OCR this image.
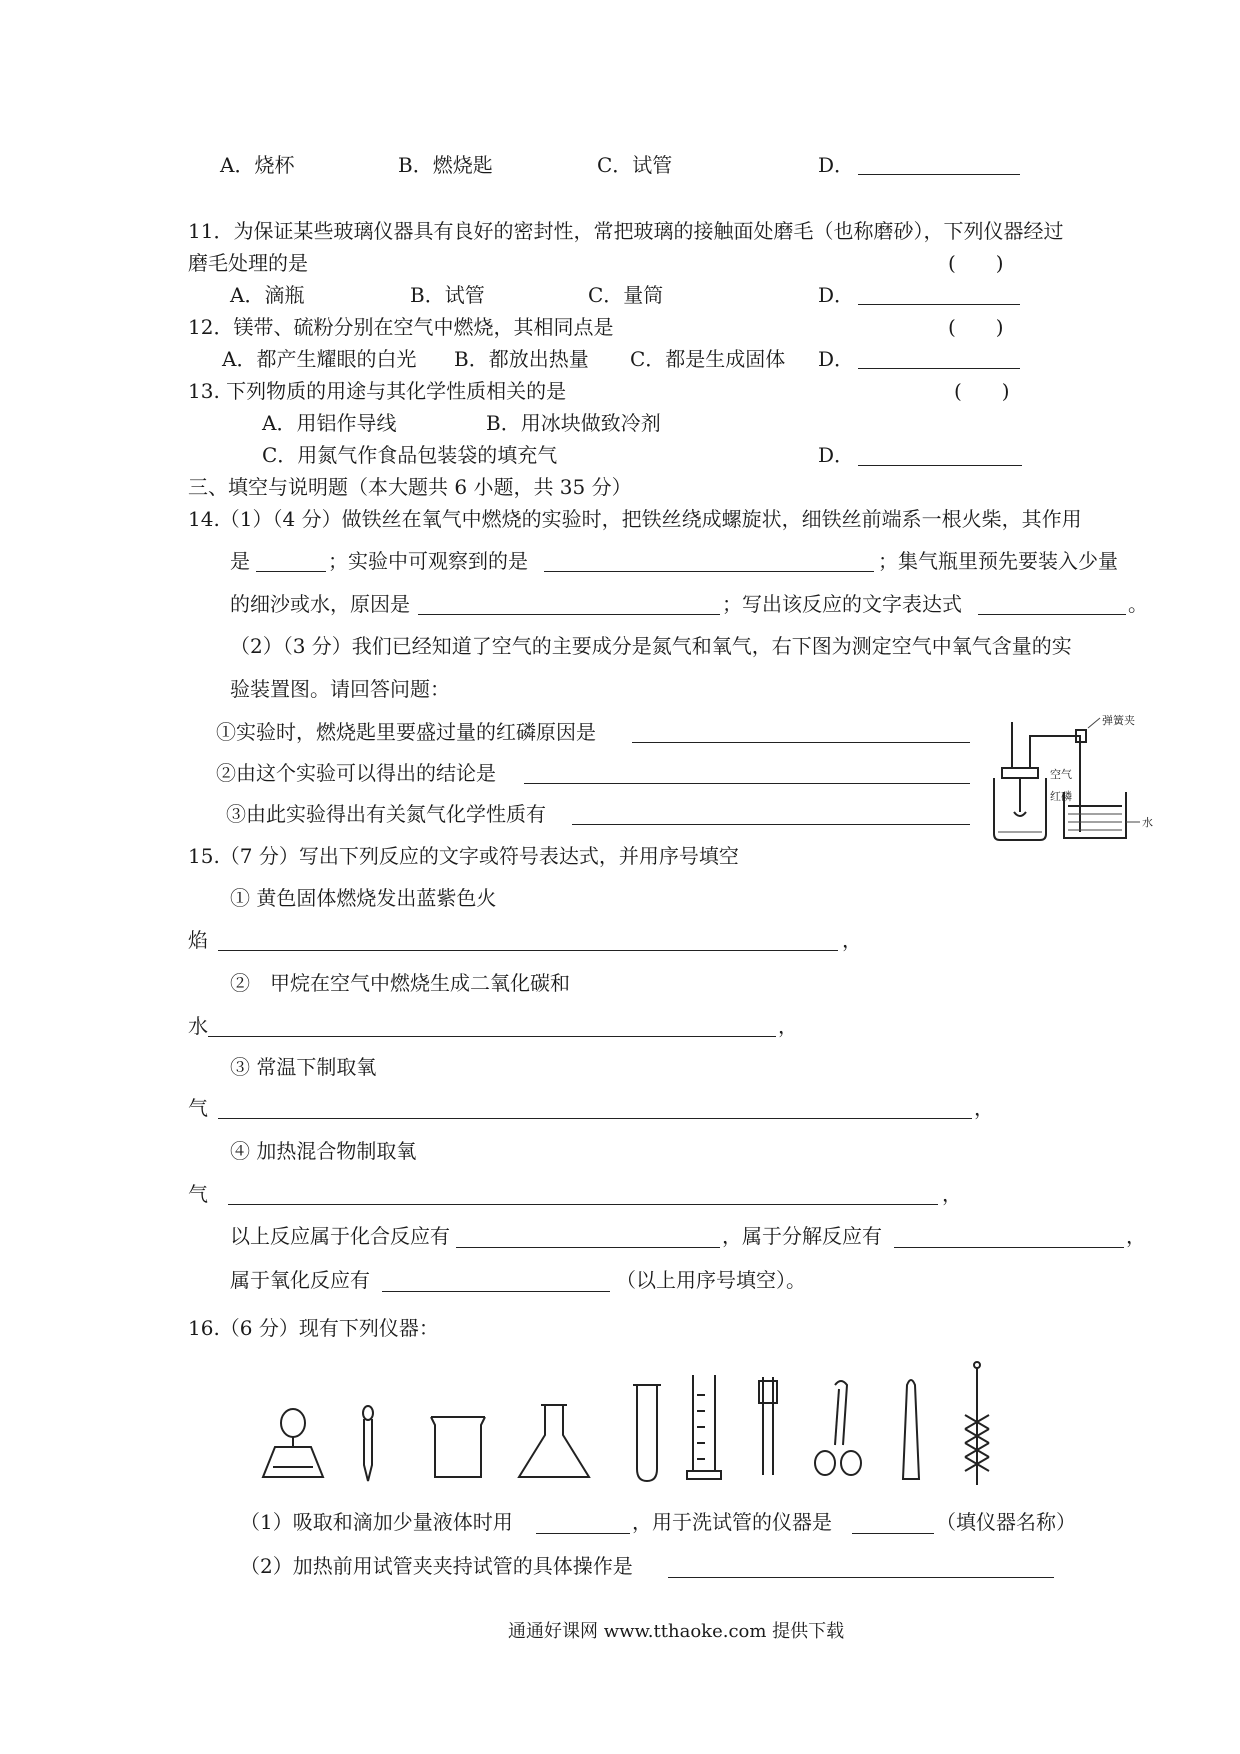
A．烧杯	B．燃烧匙	C．试管	D．
11．为保证某些玻璃仪器具有良好的密封性，常把玻璃的接触面处磨毛（也称磨砂），下列仪器经过
磨毛处理的是	(　　)
A．滴瓶	B．试管	C．量筒	D．
12．镁带、硫粉分别在空气中燃烧，其相同点是	(　　)
A．都产生耀眼的白光 B．都放出热量 C．都是生成固体 D．
13. 下列物质的用途与其化学性质相关的是	(　　)
A．用铝作导线	B．用冰块做致冷剂
C．用氮气作食品包装袋的填充气	D．
三、填空与说明题（本大题共 6 小题，共 35 分）
14.（1）（4 分）做铁丝在氧气中燃烧的实验时，把铁丝绕成螺旋状，细铁丝前端系一根火柴，其作用
是	；实验中可观察到的是	；集气瓶里预先要装入少量
的细沙或水，原因是	；写出该反应的文字表达式	。
（2）（3 分）我们已经知道了空气的主要成分是氮气和氧气，右下图为测定空气中氧气含量的实
验装置图。请回答问题：
①实验时，燃烧匙里要盛过量的红磷原因是
②由这个实验可以得出的结论是
③由此实验得出有关氮气化学性质有
弹簧夹
空气
红磷
水
15.（7 分）写出下列反应的文字或符号表达式，并用序号填空
① 黄色固体燃烧发出蓝紫色火
焰	，
②　甲烷在空气中燃烧生成二氧化碳和
水	，
③ 常温下制取氧
气	，
④ 加热混合物制取氧
气	，
以上反应属于化合反应有	，属于分解反应有	，
属于氧化反应有	（以上用序号填空）。
16.（6 分）现有下列仪器：
（1）吸取和滴加少量液体时用	，用于洗试管的仪器是	（填仪器名称）
（2）加热前用试管夹夹持试管的具体操作是
通通好课网 www.tthaoke.com 提供下载
